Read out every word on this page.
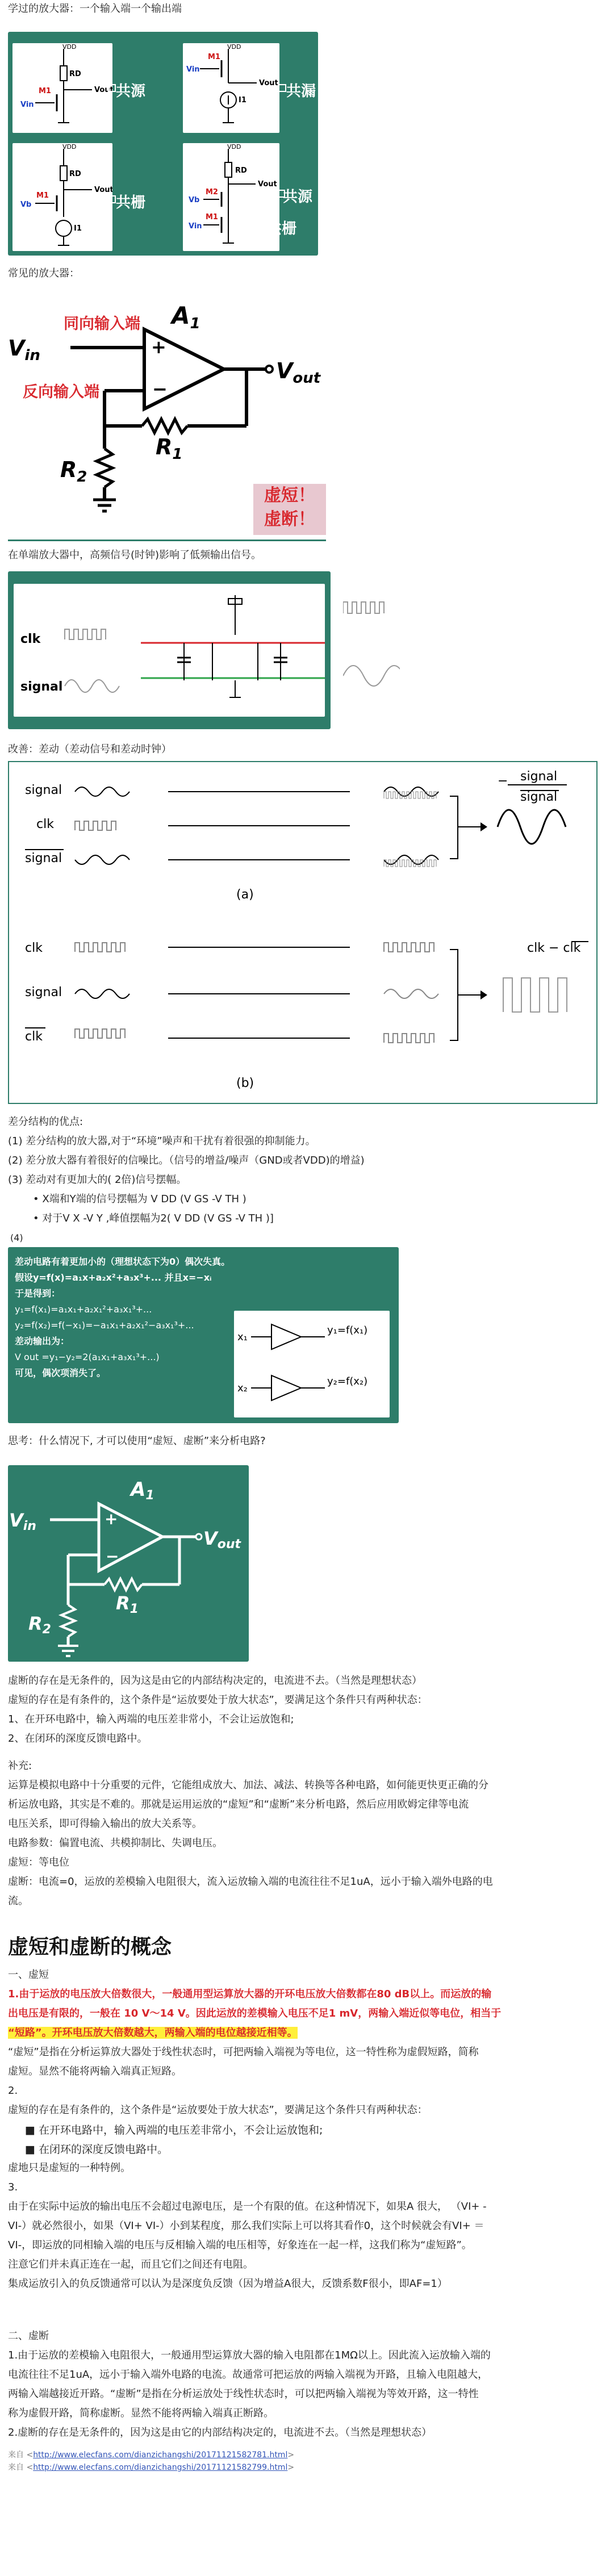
学过的放大器：一个输入端一个输出端
VDD
RD
M1
Vin
Vout 共源
VDD
M1
Vin
Vout
I1
共漏
VDD
RD
M1
Vb
Vout
I1
共栅
VDD
RD
Vout
M2
Vb
M1
Vin
共源
共栅
常见的放大器：
+
−
A1
$V_{in}$
$V_{out}$
$R_1$
$R_2$
同向输入端
反向输入端
虚短！
虚断！
在单端放大器中，高频信号(时钟)影响了低频输出信号。
clk
signal
改善：差动（差动信号和差动时钟）
signal
clk
signal
signal
signal
−
(a)
clk
signal
clk
clk − clk
(b)
差分结构的优点:
(1) 差分结构的放大器,对于“环境”噪声和干扰有着很强的抑制能力。
(2) 差分放大器有着很好的信噪比。（信号的增益/噪声（GND或者VDD)的增益)
(3) 差动对有更加大的( 2倍)信号摆幅。
• X端和Y端的信号摆幅为 V DD (V GS -V TH )
• 对于V X -V Y ,峰值摆幅为2( V DD (V GS -V TH )]
(4)
差动电路有着更加小的（理想状态下为0）偶次失真。
假设y=f(x)=a₁x+a₂x²+a₃x³+... 并且x=−xᵢ
于是得到：
y₁=f(x₁)=a₁x₁+a₂x₁²+a₃x₁³+...
y₂=f(x₂)=f(−x₁)=−a₁x₁+a₂x₁²−a₃x₁³+...
差动输出为：
V out =y₁−y₂=2(a₁x₁+a₃x₁³+...)
可见，偶次项消失了。
x₁
y₁=f(x₁)
x₂
y₂=f(x₂)
思考：什么情况下, 才可以使用“虚短、虚断”来分析电路?
+
−
A1
Vin
Vout
R1
R2
虚断的存在是无条件的，因为这是由它的内部结构决定的，电流进不去。（当然是理想状态）
虚短的存在是有条件的，这个条件是“运放要处于放大状态”，要满足这个条件只有两种状态：
1、在开环电路中，输入两端的电压差非常小，不会让运放饱和;
2、在闭环的深度反馈电路中。
补充:
运算是模拟电路中十分重要的元件，它能组成放大、加法、减法、转换等各种电路，如何能更快更正确的分
析运放电路，其实是不难的。那就是运用运放的“虚短”和“虚断”来分析电路，然后应用欧姆定律等电流
电压关系，即可得输入输出的放大关系等。
电路参数：偏置电流、共模抑制比、失调电压。
虚短：等电位
虚断：电流=0，运放的差模输入电阻很大，流入运放输入端的电流往往不足1uA，远小于输入端外电路的电
流。
虚短和虚断的概念
一、虚短
1.由于运放的电压放大倍数很大，一般通用型运算放大器的开环电压放大倍数都在80 dB以上。而运放的输
出电压是有限的，一般在 10 V～14 V。因此运放的差模输入电压不足1 mV，两输入端近似等电位，相当于
“短路”。开环电压放大倍数越大，两输入端的电位越接近相等。
“虚短”是指在分析运算放大器处于线性状态时，可把两输入端视为等电位，这一特性称为虚假短路，简称
虚短。显然不能将两输入端真正短路。
2.
虚短的存在是有条件的，这个条件是“运放要处于放大状态”，要满足这个条件只有两种状态：
■ 在开环电路中，输入两端的电压差非常小，不会让运放饱和;
■ 在闭环的深度反馈电路中。
虚地只是虚短的一种特例。
3.
由于在实际中运放的输出电压不会超过电源电压，是一个有限的值。在这种情况下，如果A 很大， （VI+ -
VI-）就必然很小，如果（VI+ VI-）小到某程度，那么我们实际上可以将其看作0，这个时候就会有VI+ ＝
VI-，即运放的同相输入端的电压与反相输入端的电压相等，好象连在一起一样，这我们称为“虚短路”。
注意它们并未真正连在一起，而且它们之间还有电阻。
集成运放引入的负反馈通常可以认为是深度负反馈（因为增益A很大，反馈系数F很小，即AF=1）
二、虚断
1.由于运放的差模输入电阻很大，一般通用型运算放大器的输入电阻都在1MΩ以上。因此流入运放输入端的
电流往往不足1uA，远小于输入端外电路的电流。故通常可把运放的两输入端视为开路，且输入电阻越大，
两输入端越接近开路。“虚断”是指在分析运放处于线性状态时，可以把两输入端视为等效开路，这一特性
称为虚假开路，简称虚断。显然不能将两输入端真正断路。
2.虚断的存在是无条件的，因为这是由它的内部结构决定的，电流进不去。（当然是理想状态）
来自 <http://www.elecfans.com/dianzichangshi/20171121582781.html>
来自 <http://www.elecfans.com/dianzichangshi/20171121582799.html>
